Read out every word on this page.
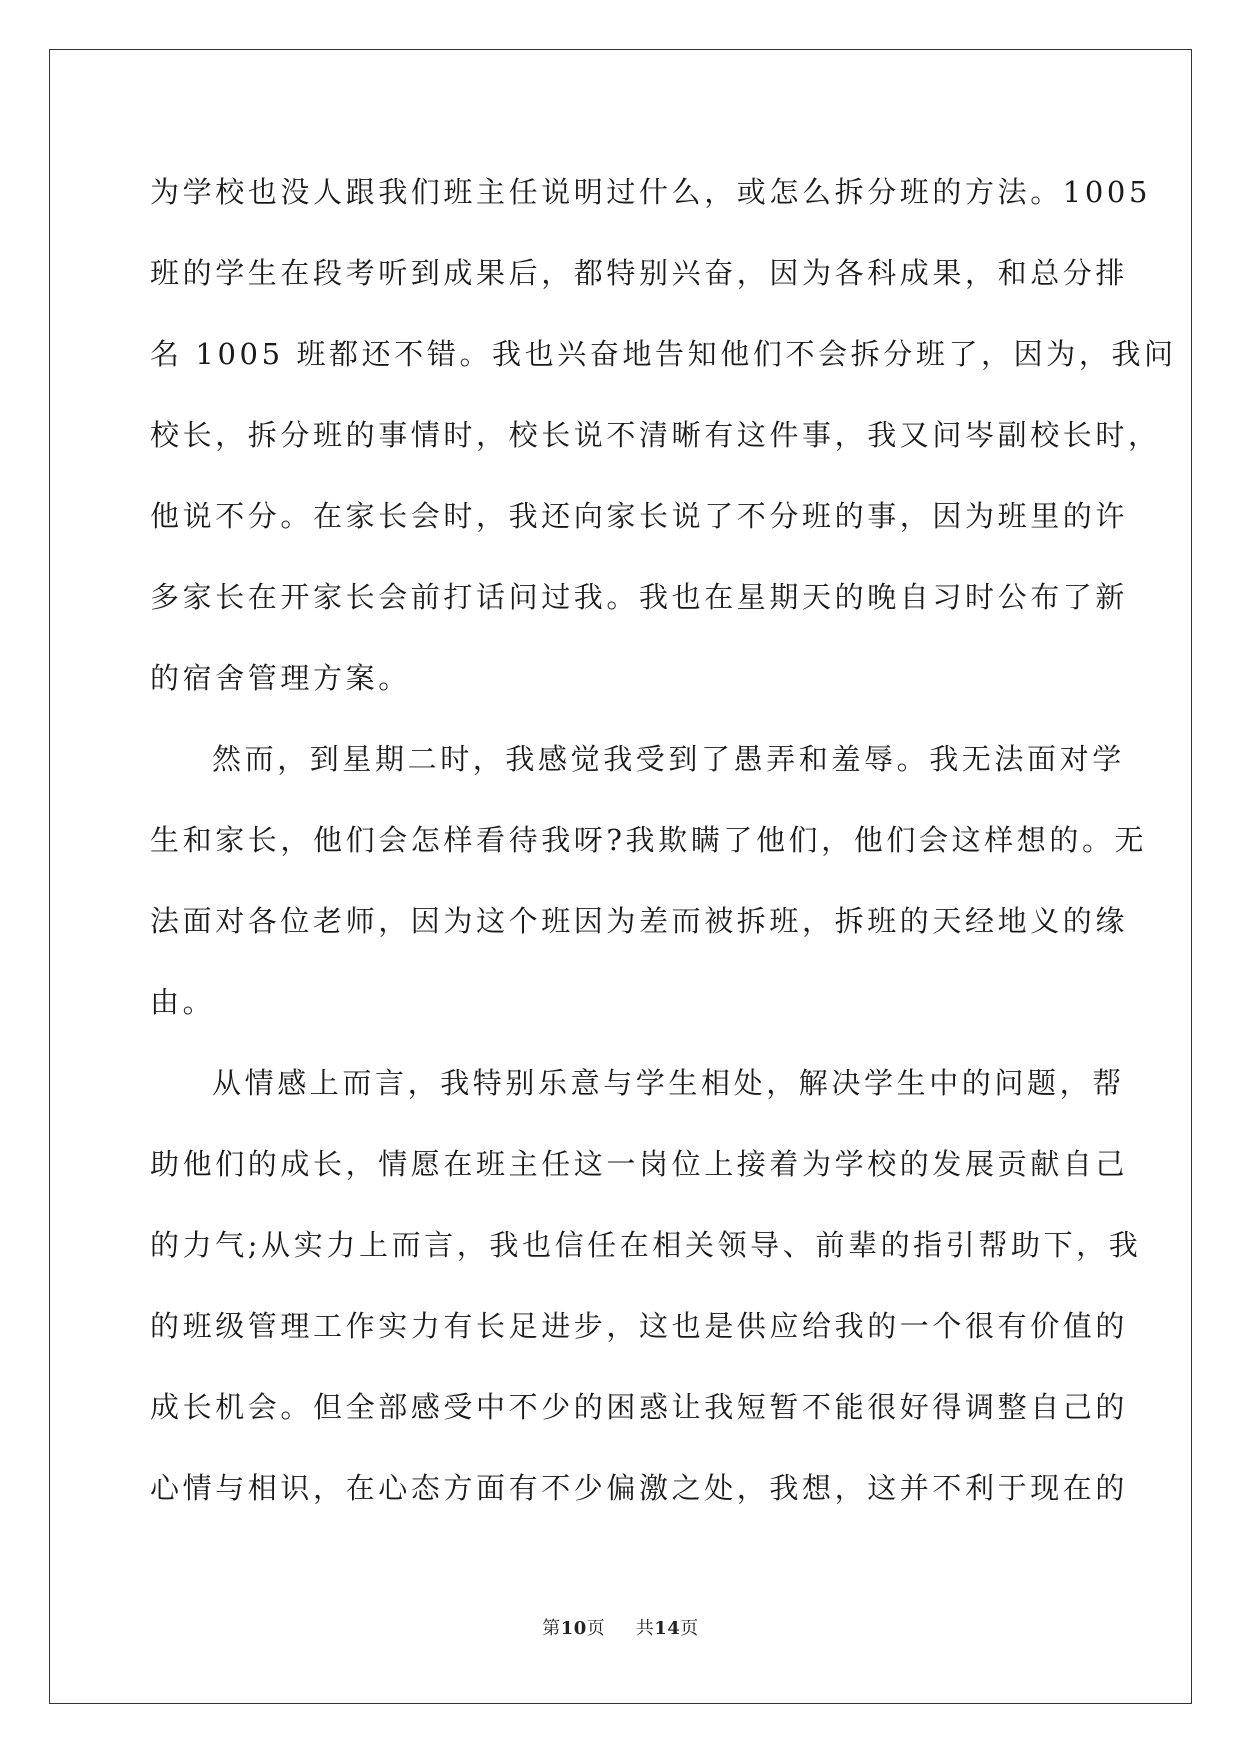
为学校也没人跟我们班主任说明过什么，或怎么拆分班的方法。1005

班的学生在段考听到成果后，都特别兴奋，因为各科成果，和总分排

名 1005 班都还不错。我也兴奋地告知他们不会拆分班了，因为，我问

校长，拆分班的事情时，校长说不清晰有这件事，我又问岑副校长时，

他说不分。在家长会时，我还向家长说了不分班的事，因为班里的许

多家长在开家长会前打话问过我。我也在星期天的晚自习时公布了新

的宿舍管理方案。

然而，到星期二时，我感觉我受到了愚弄和羞辱。我无法面对学

生和家长，他们会怎样看待我呀?我欺瞒了他们，他们会这样想的。无

法面对各位老师，因为这个班因为差而被拆班，拆班的天经地义的缘

由。

从情感上而言，我特别乐意与学生相处，解决学生中的问题，帮

助他们的成长，情愿在班主任这一岗位上接着为学校的发展贡献自己

的力气;从实力上而言，我也信任在相关领导、前辈的指引帮助下，我

的班级管理工作实力有长足进步，这也是供应给我的一个很有价值的

成长机会。但全部感受中不少的困惑让我短暂不能很好得调整自己的

心情与相识，在心态方面有不少偏激之处，我想，这并不利于现在的

第10页 共14页
